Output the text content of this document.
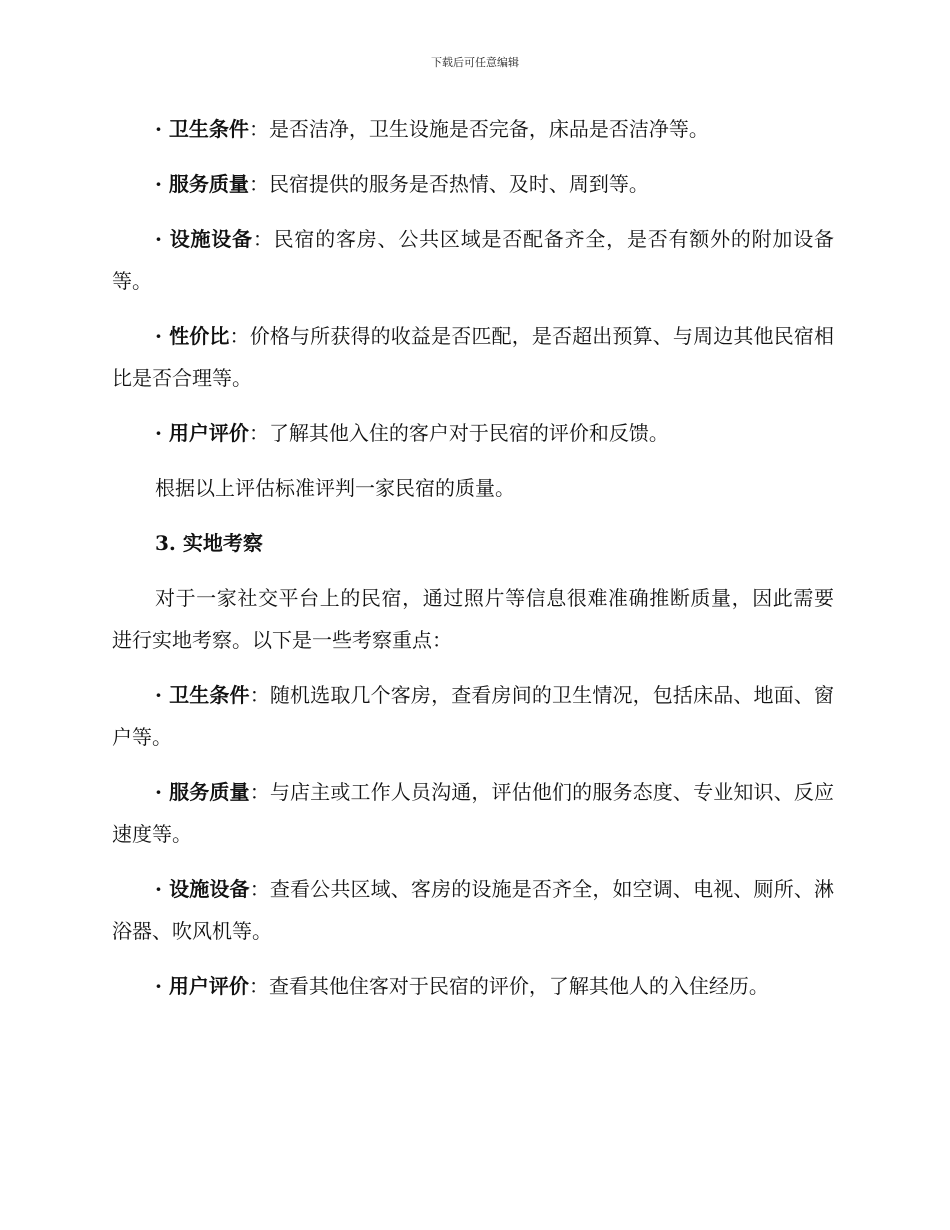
下载后可任意编辑

· 卫生条件：是否洁净，卫生设施是否完备，床品是否洁净等。

· 服务质量：民宿提供的服务是否热情、及时、周到等。

· 设施设备：民宿的客房、公共区域是否配备齐全，是否有额外的附加设备等。

· 性价比：价格与所获得的收益是否匹配，是否超出预算、与周边其他民宿相比是否合理等。

· 用户评价：了解其他入住的客户对于民宿的评价和反馈。

根据以上评估标准评判一家民宿的质量。

3. 实地考察

对于一家社交平台上的民宿，通过照片等信息很难准确推断质量，因此需要进行实地考察。以下是一些考察重点：

· 卫生条件：随机选取几个客房，查看房间的卫生情况，包括床品、地面、窗户等。

· 服务质量：与店主或工作人员沟通，评估他们的服务态度、专业知识、反应速度等。

· 设施设备：查看公共区域、客房的设施是否齐全，如空调、电视、厕所、淋浴器、吹风机等。

· 用户评价：查看其他住客对于民宿的评价，了解其他人的入住经历。
